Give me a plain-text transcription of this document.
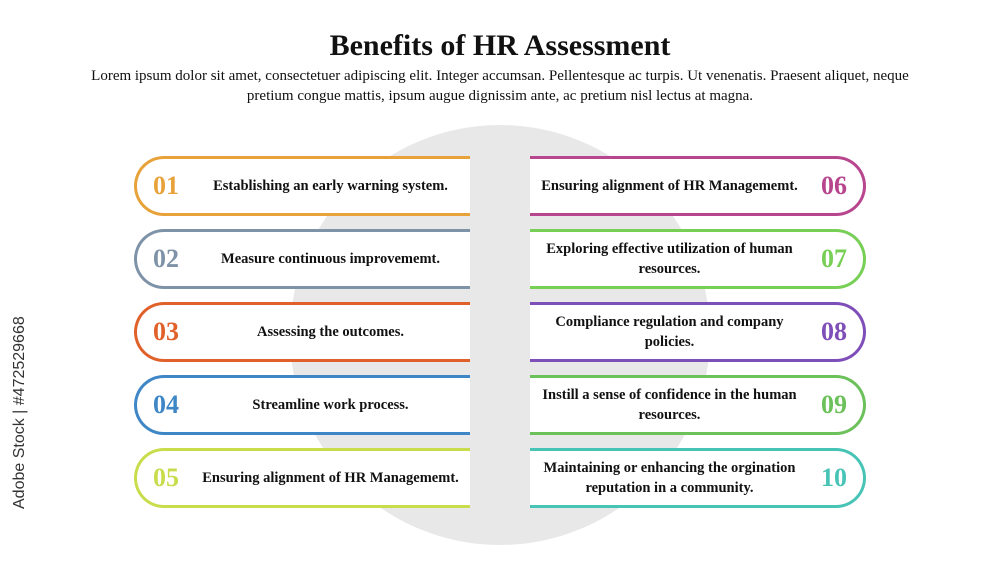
Benefits of HR Assessment
Lorem ipsum dolor sit amet, consectetuer adipiscing elit. Integer accumsan. Pellentesque ac turpis. Ut venenatis. Praesent aliquet, neque pretium congue mattis, ipsum augue dignissim ante, ac pretium nisl lectus at magna.
01	Establishing an early warning system.
02	Measure continuous improvememt.
03	Assessing the outcomes.
04	Streamline work process.
05	Ensuring alignment of HR Managememt.
Ensuring alignment of HR Managememt. 06
Exploring effective utilization of human resources.	07
Compliance regulation and company policies.	08
Instill a sense of confidence in the human resources.	09
Maintaining or enhancing the orgination reputation in a community.	10
Adobe Stock | #472529668
